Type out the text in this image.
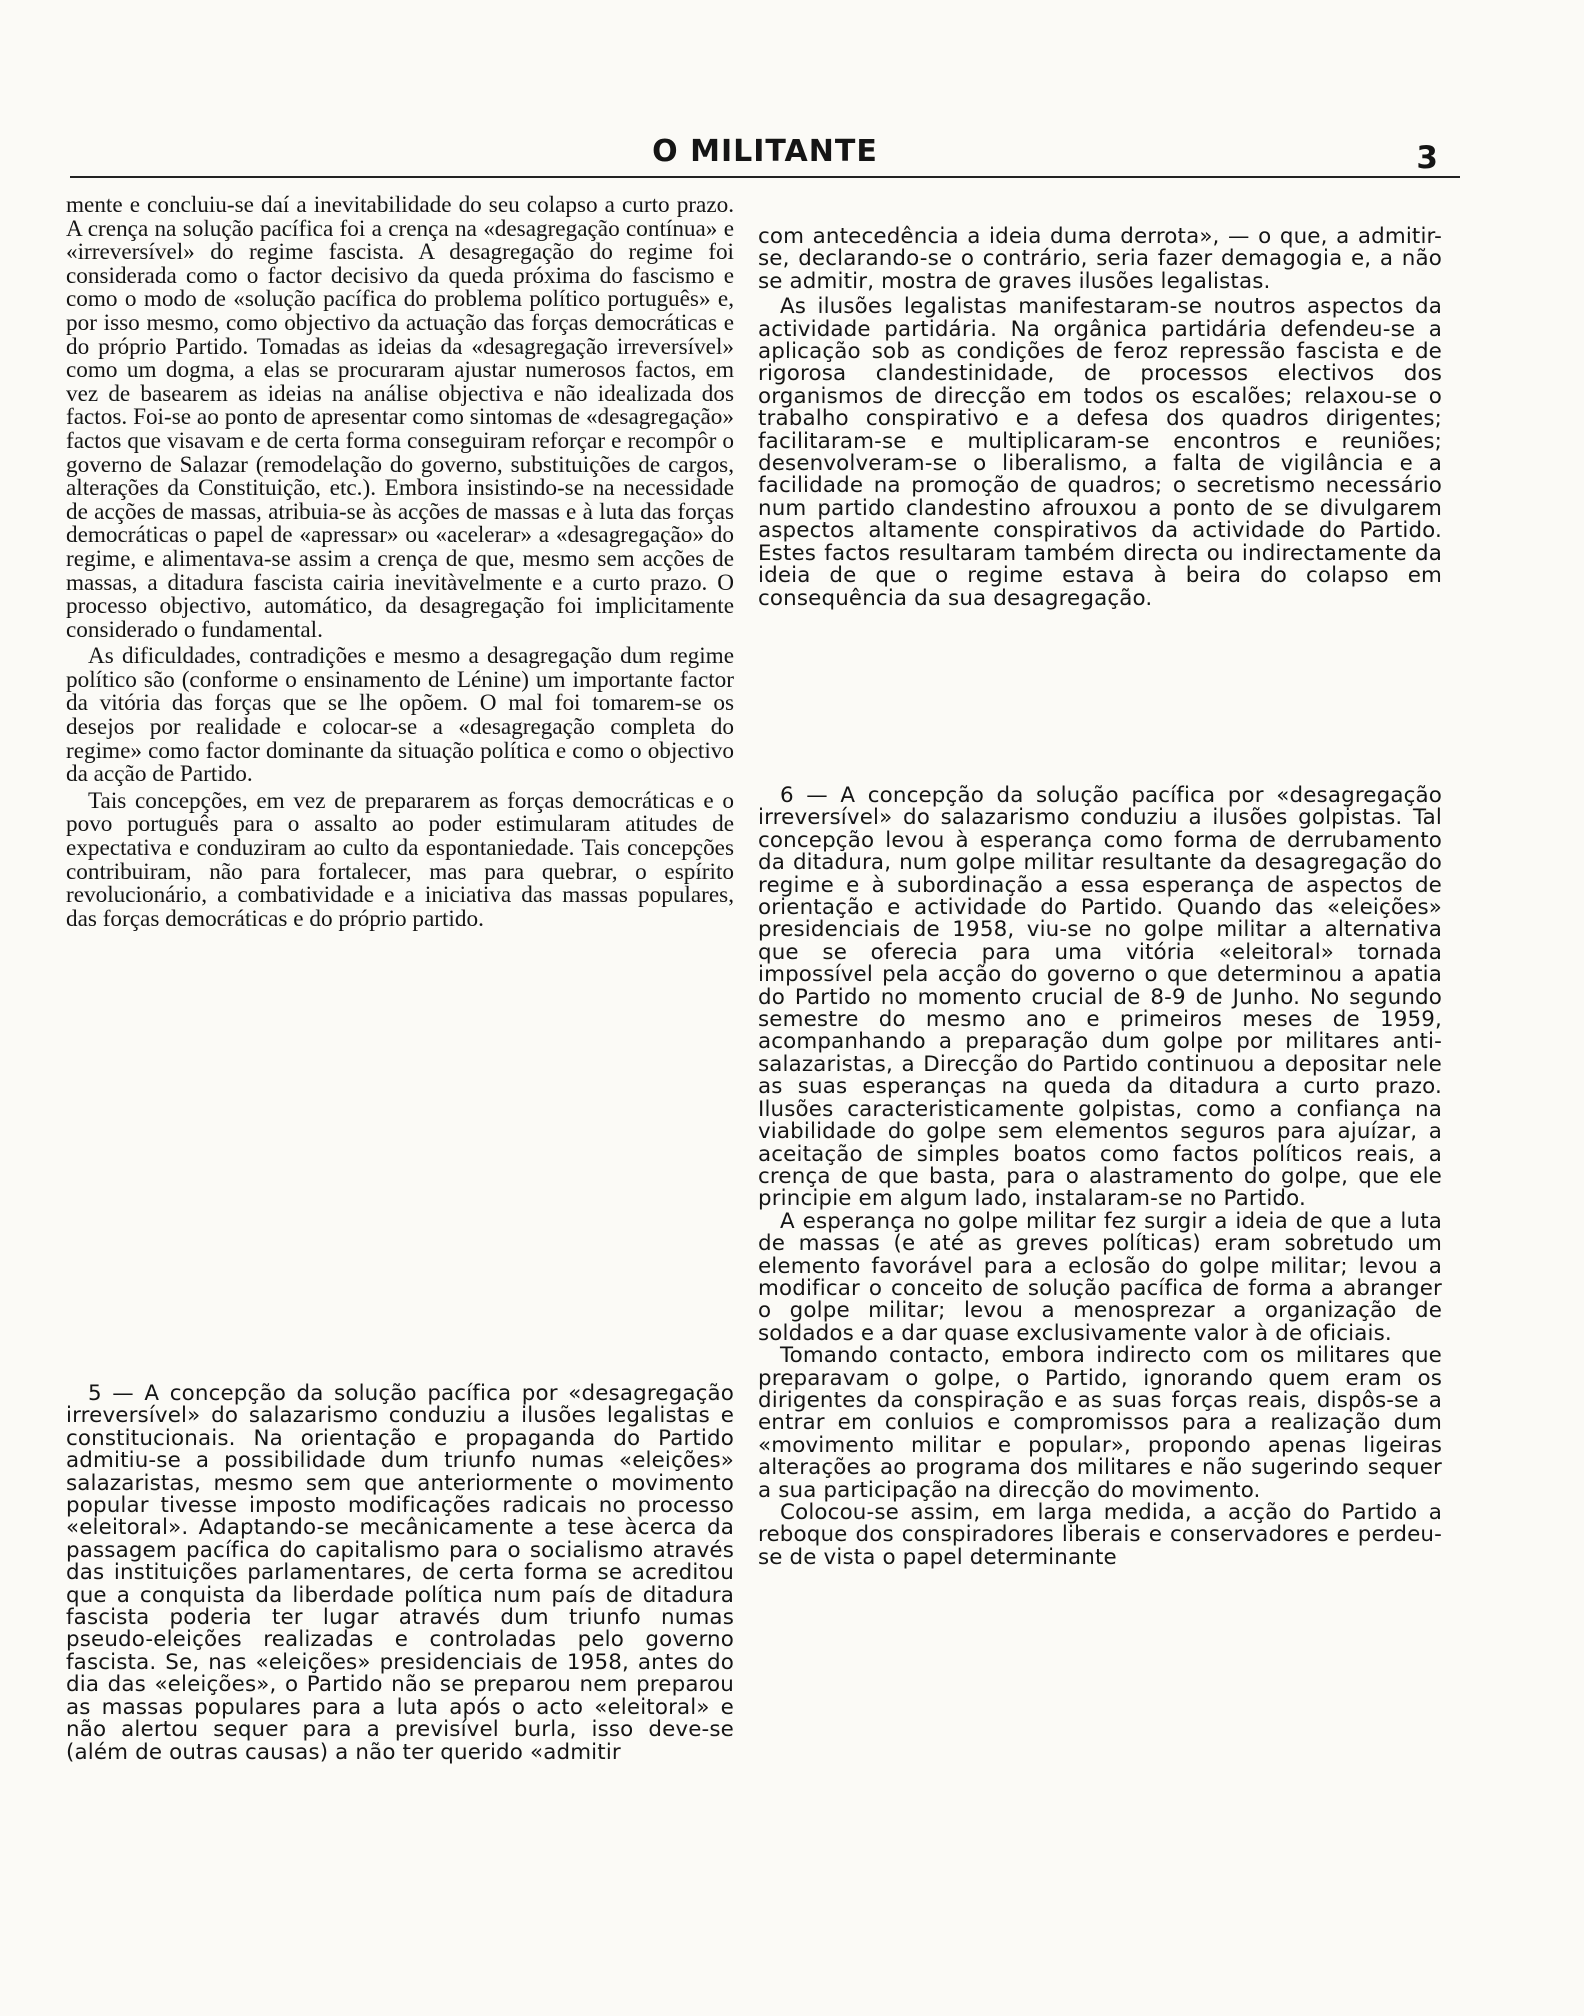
O MILITANTE	3

mente e concluiu-se daí a inevitabilidade do seu colapso a curto prazo. A crença na solução pacífica foi a crença na «desagregação contínua» e «irreversível» do regime fascista. A desagregação do regime foi considerada como o factor decisivo da queda próxima do fascismo e como o modo de «solução pacífica do problema político português» e, por isso mesmo, como objectivo da actuação das forças democráticas e do próprio Partido. Tomadas as ideias da «desagregação irreversível» como um dogma, a elas se procuraram ajustar numerosos factos, em vez de basearem as ideias na análise objectiva e não idealizada dos factos. Foi-se ao ponto de apresentar como sintomas de «desagregação» factos que visavam e de certa forma conseguiram reforçar e recompôr o governo de Salazar (remodelação do governo, substituições de cargos, alterações da Constituição, etc.). Embora insistindo-se na necessidade de acções de massas, atribuia-se às acções de massas e à luta das forças democráticas o papel de «apressar» ou «acelerar» a «desagregação» do regime, e alimentava-se assim a crença de que, mesmo sem acções de massas, a ditadura fascista cairia inevitàvelmente e a curto prazo. O processo objectivo, automático, da desagregação foi implicitamente considerado o fundamental.

As dificuldades, contradições e mesmo a desagregação dum regime político são (conforme o ensinamento de Lénine) um importante factor da vitória das forças que se lhe opõem. O mal foi tomarem-se os desejos por realidade e colocar-se a «desagregação completa do regime» como factor dominante da situação política e como o objectivo da acção de Partido.

Tais concepções, em vez de prepararem as forças democráticas e o povo português para o assalto ao poder estimularam atitudes de expectativa e conduziram ao culto da espontaniedade. Tais concepções contribuiram, não para fortalecer, mas para quebrar, o espírito revolucionário, a combatividade e a iniciativa das massas populares, das forças democráticas e do próprio partido.

5 — A concepção da solução pacífica por «desagregação irreversível» do salazarismo conduziu a ilusões legalistas e constitucionais. Na orientação e propaganda do Partido admitiu-se a possibilidade dum triunfo numas «eleições» salazaristas, mesmo sem que anteriormente o movimento popular tivesse imposto modificações radicais no processo «eleitoral». Adaptando-se mecânicamente a tese àcerca da passagem pacífica do capitalismo para o socialismo através das instituições parlamentares, de certa forma se acreditou que a conquista da liberdade política num país de ditadura fascista poderia ter lugar através dum triunfo numas pseudo-eleições realizadas e controladas pelo governo fascista. Se, nas «eleições» presidenciais de 1958, antes do dia das «eleições», o Partido não se preparou nem preparou as massas populares para a luta após o acto «eleitoral» e não alertou sequer para a previsível burla, isso deve-se (além de outras causas) a não ter querido «admitir

com antecedência a ideia duma derrota», — o que, a admitir-se, declarando-se o contrário, seria fazer demagogia e, a não se admitir, mostra de graves ilusões legalistas.

As ilusões legalistas manifestaram-se noutros aspectos da actividade partidária. Na orgânica partidária defendeu-se a aplicação sob as condições de feroz repressão fascista e de rigorosa clandestinidade, de processos electivos dos organismos de direcção em todos os escalões; relaxou-se o trabalho conspirativo e a defesa dos quadros dirigentes; facilitaram-se e multiplicaram-se encontros e reuniões; desenvolveram-se o liberalismo, a falta de vigilância e a facilidade na promoção de quadros; o secretismo necessário num partido clandestino afrouxou a ponto de se divulgarem aspectos altamente conspirativos da actividade do Partido. Estes factos resultaram também directa ou indirectamente da ideia de que o regime estava à beira do colapso em consequência da sua desagregação.

6 — A concepção da solução pacífica por «desagregação irreversível» do salazarismo conduziu a ilusões golpistas. Tal concepção levou à esperança como forma de derrubamento da ditadura, num golpe militar resultante da desagregação do regime e à subordinação a essa esperança de aspectos de orientação e actividade do Partido. Quando das «eleições» presidenciais de 1958, viu-se no golpe militar a alternativa que se oferecia para uma vitória «eleitoral» tornada impossível pela acção do governo o que determinou a apatia do Partido no momento crucial de 8-9 de Junho. No segundo semestre do mesmo ano e primeiros meses de 1959, acompanhando a preparação dum golpe por militares anti-salazaristas, a Direcção do Partido continuou a depositar nele as suas esperanças na queda da ditadura a curto prazo. Ilusões caracteristicamente golpistas, como a confiança na viabilidade do golpe sem elementos seguros para ajuízar, a aceitação de simples boatos como factos políticos reais, a crença de que basta, para o alastramento do golpe, que ele principie em algum lado, instalaram-se no Partido.

A esperança no golpe militar fez surgir a ideia de que a luta de massas (e até as greves políticas) eram sobretudo um elemento favorável para a eclosão do golpe militar; levou a modificar o conceito de solução pacífica de forma a abranger o golpe militar; levou a menosprezar a organização de soldados e a dar quase exclusivamente valor à de oficiais.

Tomando contacto, embora indirecto com os militares que preparavam o golpe, o Partido, ignorando quem eram os dirigentes da conspiração e as suas forças reais, dispôs-se a entrar em conluios e compromissos para a realização dum «movimento militar e popular», propondo apenas ligeiras alterações ao programa dos militares e não sugerindo sequer a sua participação na direcção do movimento.

Colocou-se assim, em larga medida, a acção do Partido a reboque dos conspiradores liberais e conservadores e perdeu-se de vista o papel determinante
